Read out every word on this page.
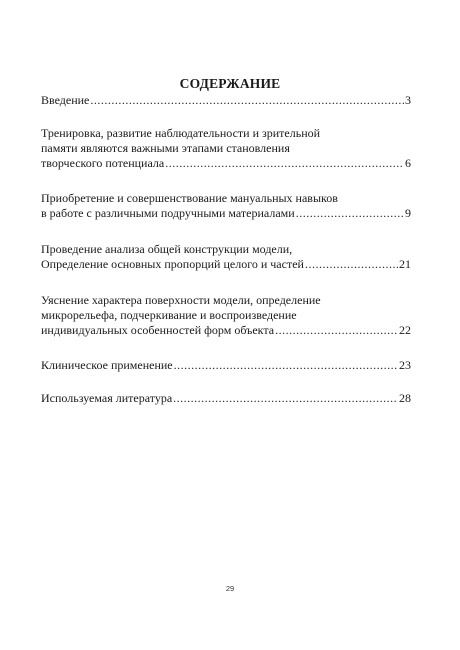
СОДЕРЖАНИЕ
Введение .....	3
Тренировка, развитие наблюдательности и зрительной
памяти являются важными этапами становления
творческого потенциала .....	6
Приобретение и совершенствование мануальных навыков
в работе с различными подручными материалами .....	9
Проведение анализа общей конструкции модели,
Определение основных пропорций целого и частей .....	21
Уяснение характера поверхности модели, определение
микрорельефа, подчеркивание и воспроизведение
индивидуальных особенностей форм объекта .....	22
Клиническое применение .....	23
Используемая литература .....	28
29
